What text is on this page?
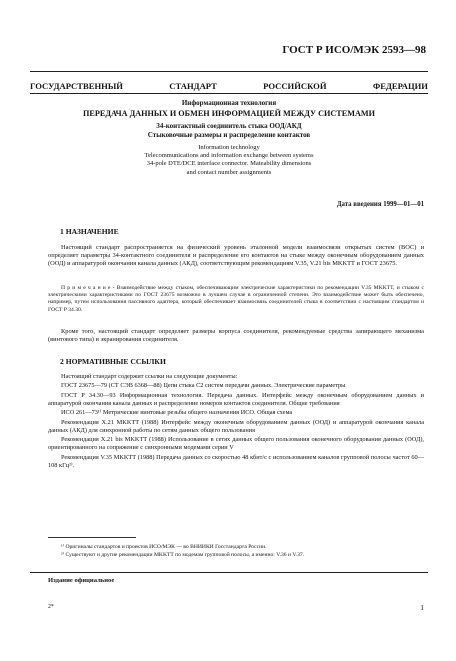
ГОСТ Р ИСО/МЭК 2593—98
ГОСУДАРСТВЕННЫЙ	СТАНДАРТ	РОССИЙСКОЙ	ФЕДЕРАЦИИ
Информационная технология
ПЕРЕДАЧА ДАННЫХ И ОБМЕН ИНФОРМАЦИЕЙ МЕЖДУ СИСТЕМАМИ
34-контактный соединитель стыка ООД/АКД
Стыковочные размеры и распределение контактов
Information technology
Telecommunications and information exchange between systems
34-pole DTE/DCE interface connector. Mateability dimensions
and contact number assignments
Дата введения 1999—01—01
1 НАЗНАЧЕНИЕ

Настоящий стандарт распространяется на физический уровень эталонной модели взаимосвязи открытых систем (ВОС) и определяет параметры 34-контактного соединителя и распределение его контактов на стыке между оконечным оборудованием данных (ООД) и аппаратурой окончания канала данных (АКД), соответствующим рекомендациям V.35, V.21 bis MKKTT и ГОСТ 23675.

П р и м е ч а н и е - Взаимодействие между стыком, обеспечивающим электрические характеристики по рекомендации V.35 MKKTT, и стыком с электрическими характеристиками по ГОСТ 23675 возможно в лучшем случае в ограниченной степени. Это взаимодействие может быть обеспечено, например, путем использования пассивного адаптера, который обеспечивает взаимосвязь соединителей стыка в соответствии с настоящим стандартом и ГОСТ Р 34.30.

Кроме того, настоящий стандарт определяет размеры корпуса соединителя, рекомендуемые средства запирающего механизма (винтового типа) и экранирования соединителя.

2 НОРМАТИВНЫЕ ССЫЛКИ

Настоящий стандарт содержит ссылки на следующие документы:

ГОСТ 23675—79 (СТ СЭВ 6368—88) Цепи стыка С2 систем передачи данных. Электрические параметры

ГОСТ Р 34.30—93 Информационная технология. Передача данных. Интерфейс между оконечным оборудованием данных и аппаратурой окончания канала данных и распределение номеров контактов соединителя. Общие требования

ИСО 261—73¹⁾ Метрические винтовые резьбы общего назначения ИСО. Общая схема

Рекомендация Х.21 MKKTT (1988) Интерфейс между оконечным оборудованием данных (ООД) и аппаратурой окончания канала данных (АКД) для синхронной работы по сетям данных общего пользования

Рекомендация Х.21 bis MKKTT (1988) Использование в сетях данных общего пользования оконечного оборудования данных (ООД), ориентированного на сопряжение с синхронными модемами серии V

Рекомендация V.35 MKKTT (1988) Передача данных со скоростью 48 кбит/с с использованием каналов групповой полосы частот 60—108 кГц²⁾.

¹⁾ Оригиналы стандартов и проектов ИСО/МЭК — во ВНИИКИ Госстандарта России.

²⁾ Существуют и другие рекомендации MKKTT по модемам групповой полосы, а именно: V.36 и V.37.

Издание официальное
2*	1
